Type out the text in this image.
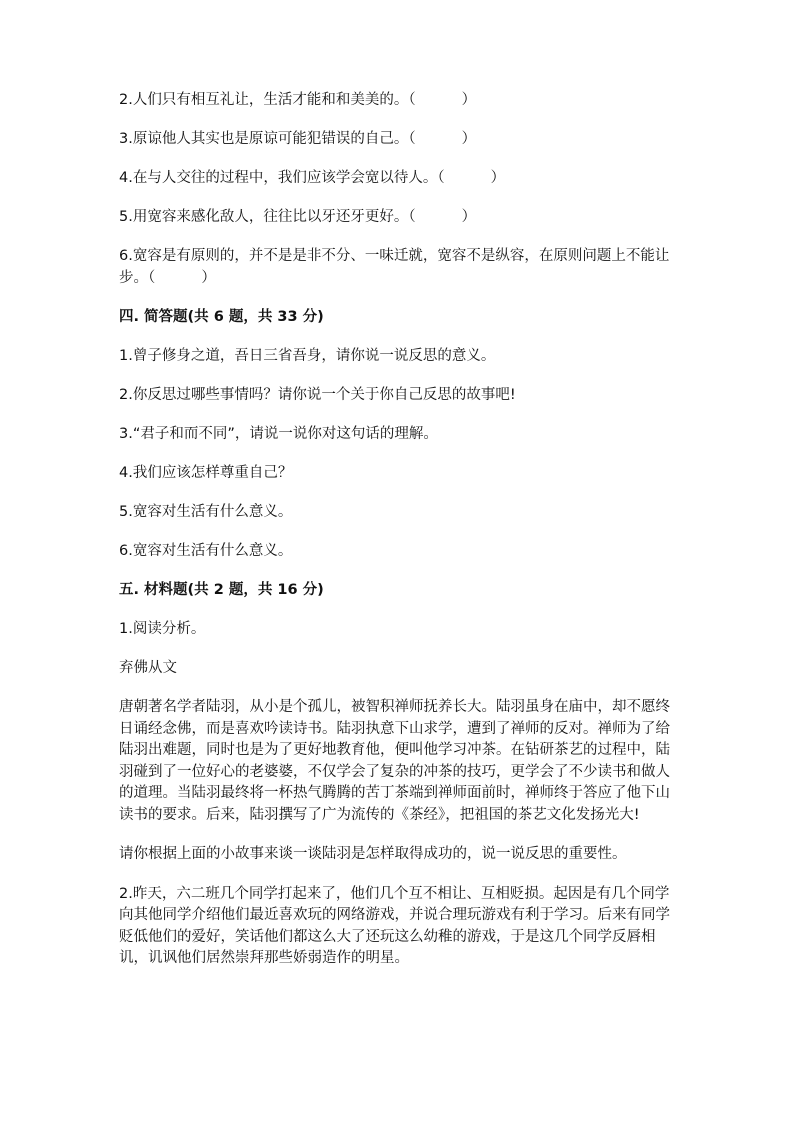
2.人们只有相互礼让，生活才能和和美美的。（          ）

3.原谅他人其实也是原谅可能犯错误的自己。（          ）

4.在与人交往的过程中，我们应该学会宽以待人。（          ）

5.用宽容来感化敌人，往往比以牙还牙更好。（          ）

6.宽容是有原则的，并不是是非不分、一味迁就，宽容不是纵容，在原则问题上不能让步。（          ）

四. 简答题(共 6 题，共 33 分)

1.曾子修身之道，吾日三省吾身，请你说一说反思的意义。

2.你反思过哪些事情吗？请你说一个关于你自己反思的故事吧!

3.“君子和而不同”，请说一说你对这句话的理解。

4.我们应该怎样尊重自己？

5.宽容对生活有什么意义。

6.宽容对生活有什么意义。

五. 材料题(共 2 题，共 16 分)

1.阅读分析。

弃佛从文

唐朝著名学者陆羽，从小是个孤儿，被智积禅师抚养长大。陆羽虽身在庙中，却不愿终日诵经念佛，而是喜欢吟读诗书。陆羽执意下山求学，遭到了禅师的反对。禅师为了给陆羽出难题，同时也是为了更好地教育他，便叫他学习冲茶。在钻研茶艺的过程中，陆羽碰到了一位好心的老婆婆，不仅学会了复杂的冲茶的技巧，更学会了不少读书和做人的道理。当陆羽最终将一杯热气腾腾的苦丁茶端到禅师面前时，禅师终于答应了他下山读书的要求。后来，陆羽撰写了广为流传的《茶经》，把祖国的茶艺文化发扬光大!

请你根据上面的小故事来谈一谈陆羽是怎样取得成功的，说一说反思的重要性。

2.昨天，六二班几个同学打起来了，他们几个互不相让、互相贬损。起因是有几个同学向其他同学介绍他们最近喜欢玩的网络游戏，并说合理玩游戏有利于学习。后来有同学贬低他们的爱好，笑话他们都这么大了还玩这么幼稚的游戏，于是这几个同学反唇相讥，讥讽他们居然崇拜那些娇弱造作的明星。
